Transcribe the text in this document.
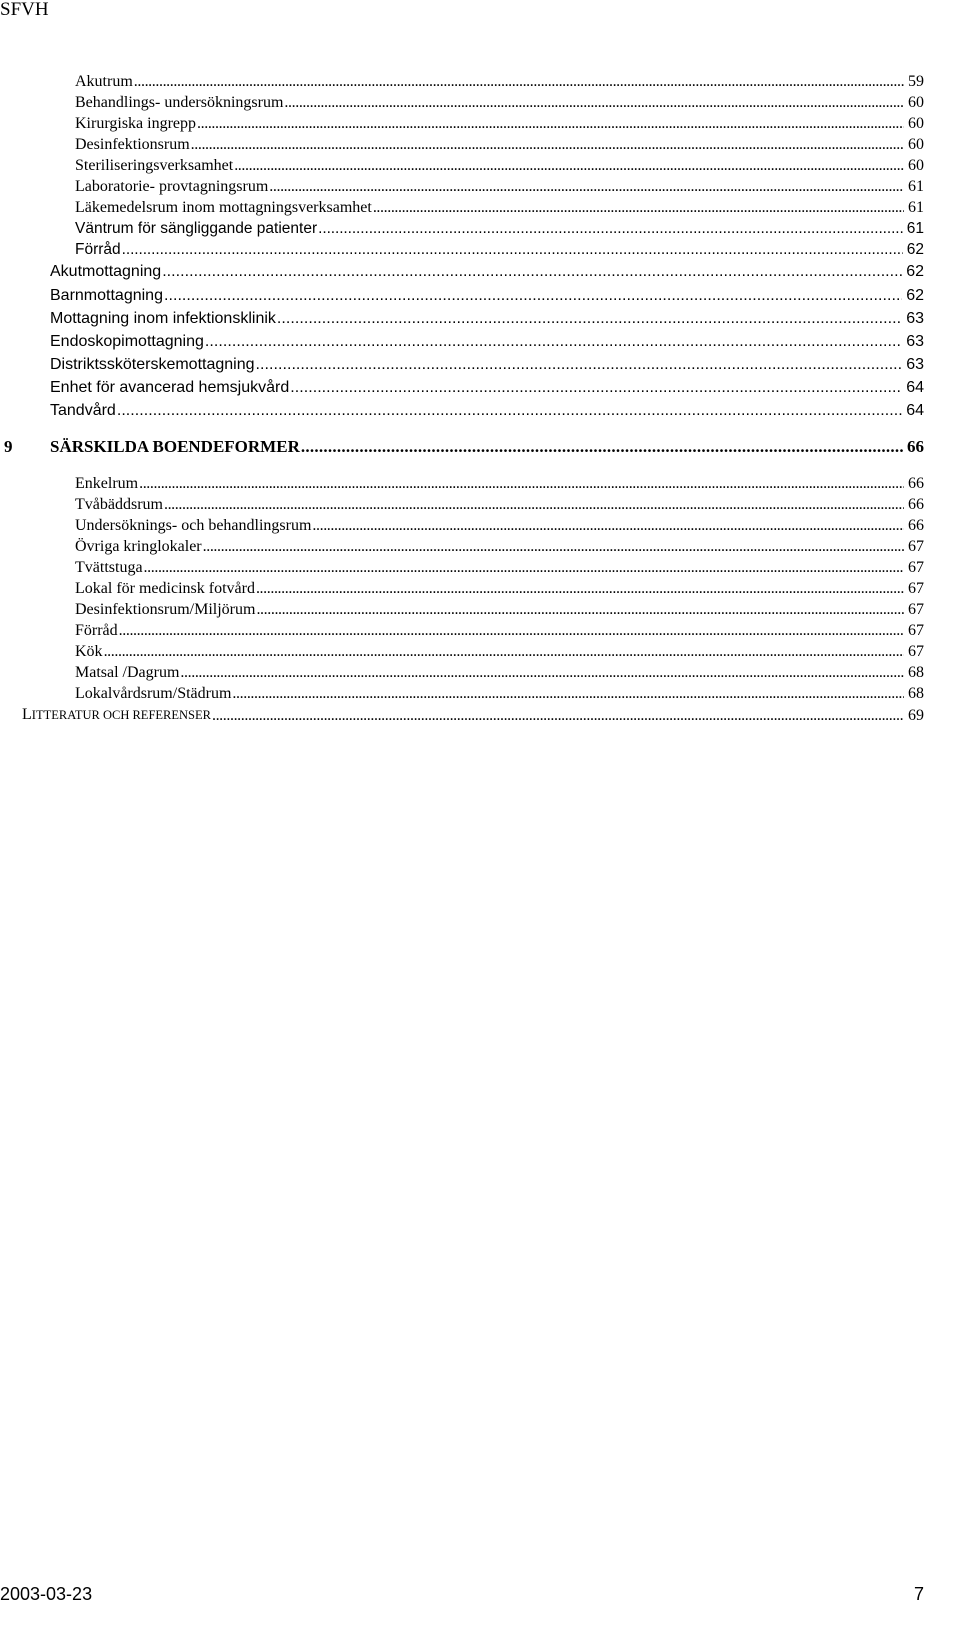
SFVH
Akutrum . . .	59
Behandlings- undersökningsrum . . .	60
Kirurgiska ingrepp . . .	60
Desinfektionsrum . . .	60
Steriliseringsverksamhet . . .	60
Laboratorie- provtagningsrum . . .	61
Läkemedelsrum inom mottagningsverksamhet . . .	61
Väntrum för sängliggande patienter . . .	61
Förråd . . .	62
Akutmottagning . . .	62
Barnmottagning . . .	62
Mottagning inom infektionsklinik . . .	63
Endoskopimottagning . . .	63
Distriktssköterskemottagning . . .	63
Enhet för avancerad hemsjukvård . . .	64
Tandvård . . .	64
9 SÄRSKILDA BOENDEFORMER . . .	66
Enkelrum . . .	66
Tvåbäddsrum . . .	66
Undersöknings- och behandlingsrum . . .	66
Övriga kringlokaler . . .	67
Tvättstuga . . .	67
Lokal för medicinsk fotvård . . .	67
Desinfektionsrum/Miljörum . . .	67
Förråd . . .	67
Kök . . .	67
Matsal /Dagrum . . .	68
Lokalvårdsrum/Städrum . . .	68
LITTERATUR OCH REFERENSER . . .	69
2003-03-23	7
